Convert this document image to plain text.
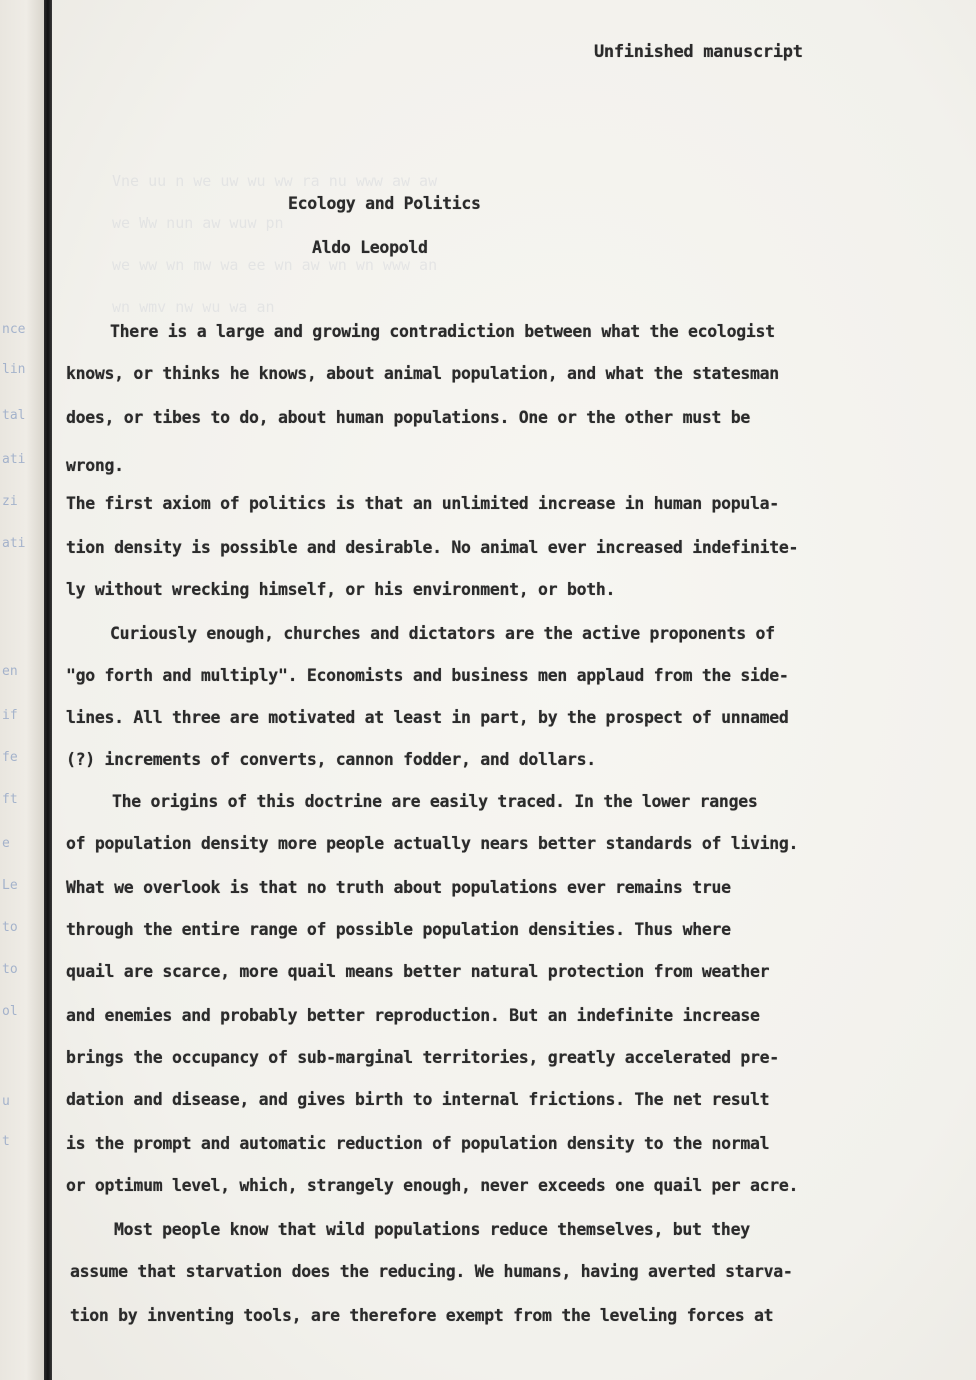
nce
lin
tal
ati
zi
ati
en
if
fe
ft
e
Le
to
to
ol
u
t
Vne uu n we uw wu ww ra nu www aw aw
we Ww nun aw wuw pn
we ww wn mw wa ee wn aw wn wn www an
wn wmv nw wu wa an
Unfinished manuscript
Ecology and Politics
Aldo Leopold
There is a large and growing contradiction between what the ecologist
knows, or thinks he knows, about animal population, and what the statesman
does, or tibes to do, about human populations. One or the other must be
wrong.
The first axiom of politics is that an unlimited increase in human popula-
tion density is possible and desirable. No animal ever increased indefinite-
ly without wrecking himself, or his environment, or both.
Curiously enough, churches and dictators are the active proponents of
"go forth and multiply". Economists and business men applaud from the side-
lines. All three are motivated at least in part, by the prospect of unnamed
(?) increments of converts, cannon fodder, and dollars.
The origins of this doctrine are easily traced. In the lower ranges
of population density more people actually nears better standards of living.
What we overlook is that no truth about populations ever remains true
through the entire range of possible population densities. Thus where
quail are scarce, more quail means better natural protection from weather
and enemies and probably better reproduction. But an indefinite increase
brings the occupancy of sub-marginal territories, greatly accelerated pre-
dation and disease, and gives birth to internal frictions. The net result
is the prompt and automatic reduction of population density to the normal
or optimum level, which, strangely enough, never exceeds one quail per acre.
Most people know that wild populations reduce themselves, but they
assume that starvation does the reducing. We humans, having averted starva-
tion by inventing tools, are therefore exempt from the leveling forces at
